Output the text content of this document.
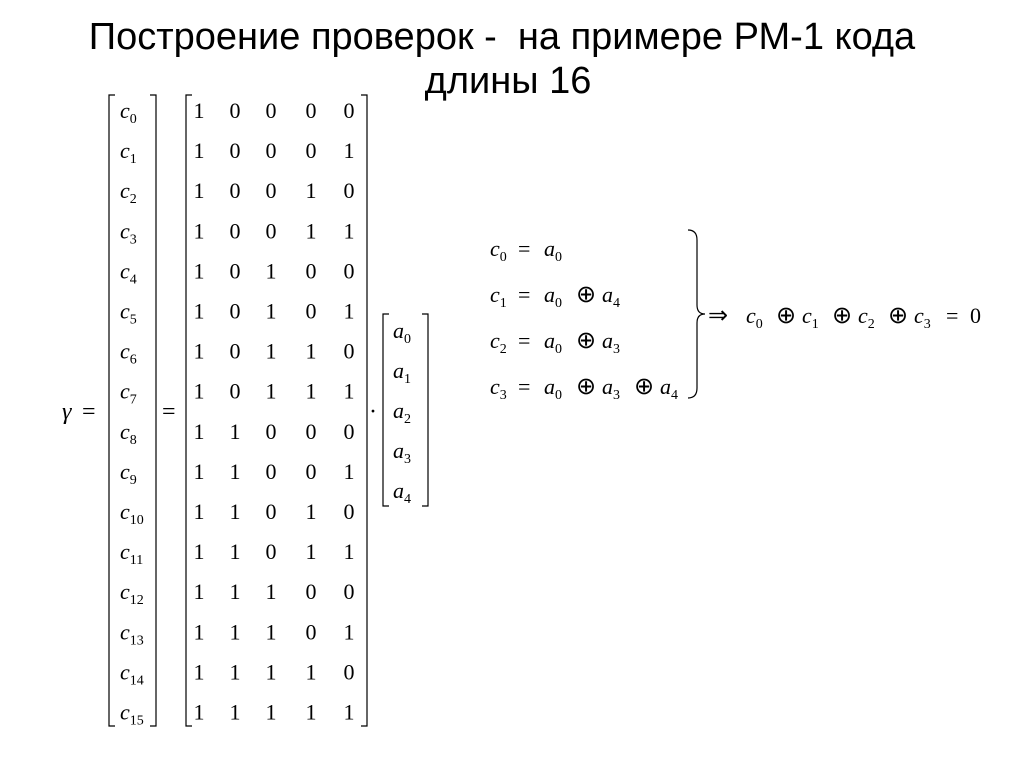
Построение проверок -  на примере РМ-1 кода
длины 16
γ =
$c_0$
$c_1$
$c_2$
$c_3$
$c_4$
$c_5$
$c_6$
$c_7$
$c_8$
$c_9$
$c_{10}$
$c_{11}$
$c_{12}$
$c_{13}$
$c_{14}$
$c_{15}$
=
1 0 0 0 0
1 0 0 0 1
1 0 0 1 0
1 0 0 1 1
1 0 1 0 0
1 0 1 0 1
1 0 1 1 0
1 0 1 1 1
1 1 0 0 0
1 1 0 0 1
1 1 0 1 0
1 1 0 1 1
1 1 1 0 0
1 1 1 0 1
1 1 1 1 0
1 1 1 1 1
·
$a_0$
$a_1$
$a_2$
$a_3$
$a_4$
$c_0 = a_0$
$c_1 = a_0$ ⊕ $a_4$
$c_2 = a_0$ ⊕ $a_3$
$c_3 = a_0$ ⊕ $a_3$ ⊕ $a_4$
⇒ $c_0$ ⊕ $c_1$ ⊕ $c_2$ ⊕ $c_3 = 0$
